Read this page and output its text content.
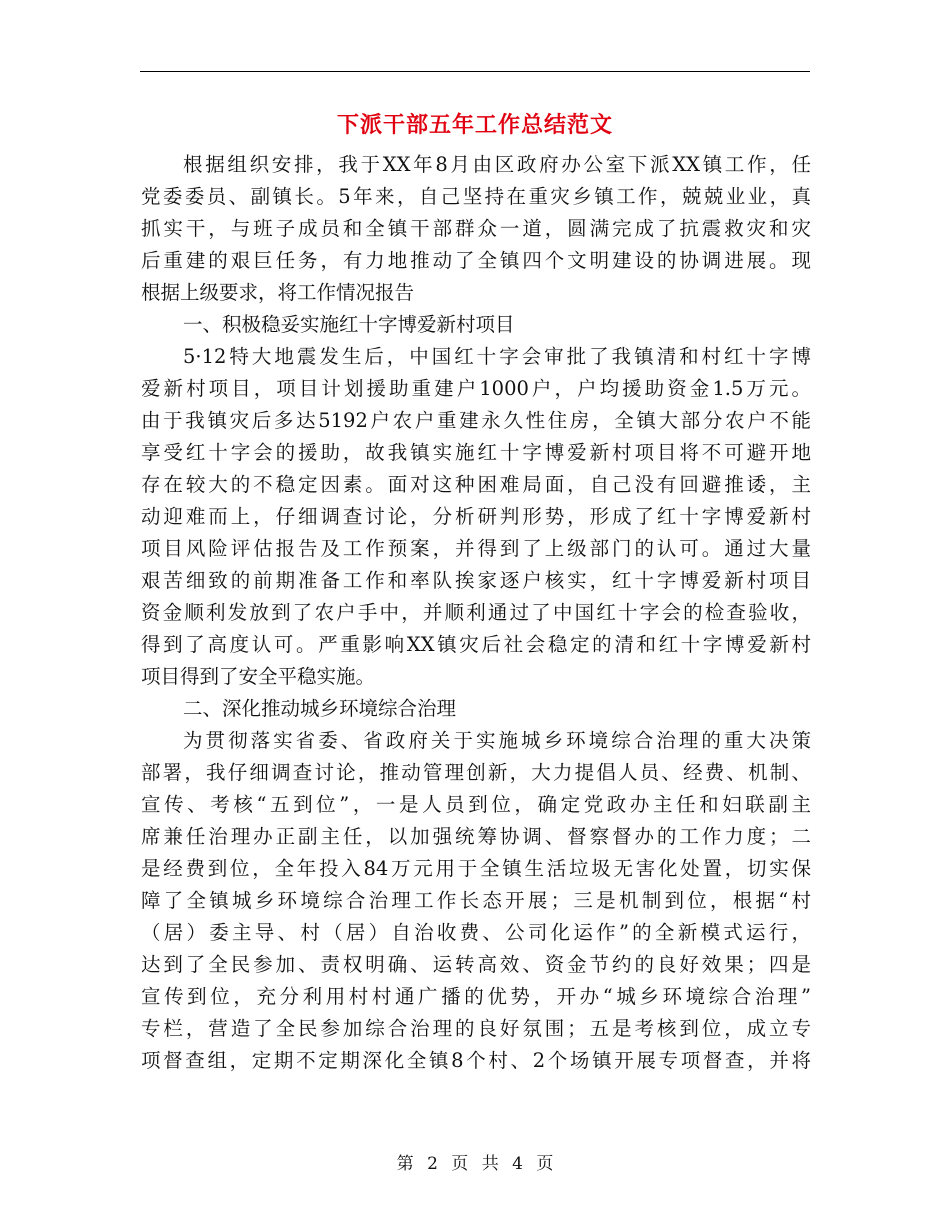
下派干部五年工作总结范文
根据组织安排，我于XX年8月由区政府办公室下派XX镇工作，任
党委委员、副镇长。5年来，自己坚持在重灾乡镇工作，兢兢业业，真
抓实干，与班子成员和全镇干部群众一道，圆满完成了抗震救灾和灾
后重建的艰巨任务，有力地推动了全镇四个文明建设的协调进展。现
根据上级要求，将工作情况报告
一、积极稳妥实施红十字博爱新村项目
5·12特大地震发生后，中国红十字会审批了我镇清和村红十字博
爱新村项目，项目计划援助重建户1000户，户均援助资金1.5万元。
由于我镇灾后多达5192户农户重建永久性住房，全镇大部分农户不能
享受红十字会的援助，故我镇实施红十字博爱新村项目将不可避开地
存在较大的不稳定因素。面对这种困难局面，自己没有回避推诿，主
动迎难而上，仔细调查讨论，分析研判形势，形成了红十字博爱新村
项目风险评估报告及工作预案，并得到了上级部门的认可。通过大量
艰苦细致的前期准备工作和率队挨家逐户核实，红十字博爱新村项目
资金顺利发放到了农户手中，并顺利通过了中国红十字会的检查验收，
得到了高度认可。严重影响XX镇灾后社会稳定的清和红十字博爱新村
项目得到了安全平稳实施。
二、深化推动城乡环境综合治理
为贯彻落实省委、省政府关于实施城乡环境综合治理的重大决策
部署，我仔细调查讨论，推动管理创新，大力提倡人员、经费、机制、
宣传、考核“五到位”，一是人员到位，确定党政办主任和妇联副主
席兼任治理办正副主任，以加强统筹协调、督察督办的工作力度；二
是经费到位，全年投入84万元用于全镇生活垃圾无害化处置，切实保
障了全镇城乡环境综合治理工作长态开展；三是机制到位，根据“村
（居）委主导、村（居）自治收费、公司化运作”的全新模式运行，
达到了全民参加、责权明确、运转高效、资金节约的良好效果；四是
宣传到位，充分利用村村通广播的优势，开办“城乡环境综合治理”
专栏，营造了全民参加综合治理的良好氛围；五是考核到位，成立专
项督查组，定期不定期深化全镇8个村、2个场镇开展专项督查，并将
第 2 页 共 4 页
